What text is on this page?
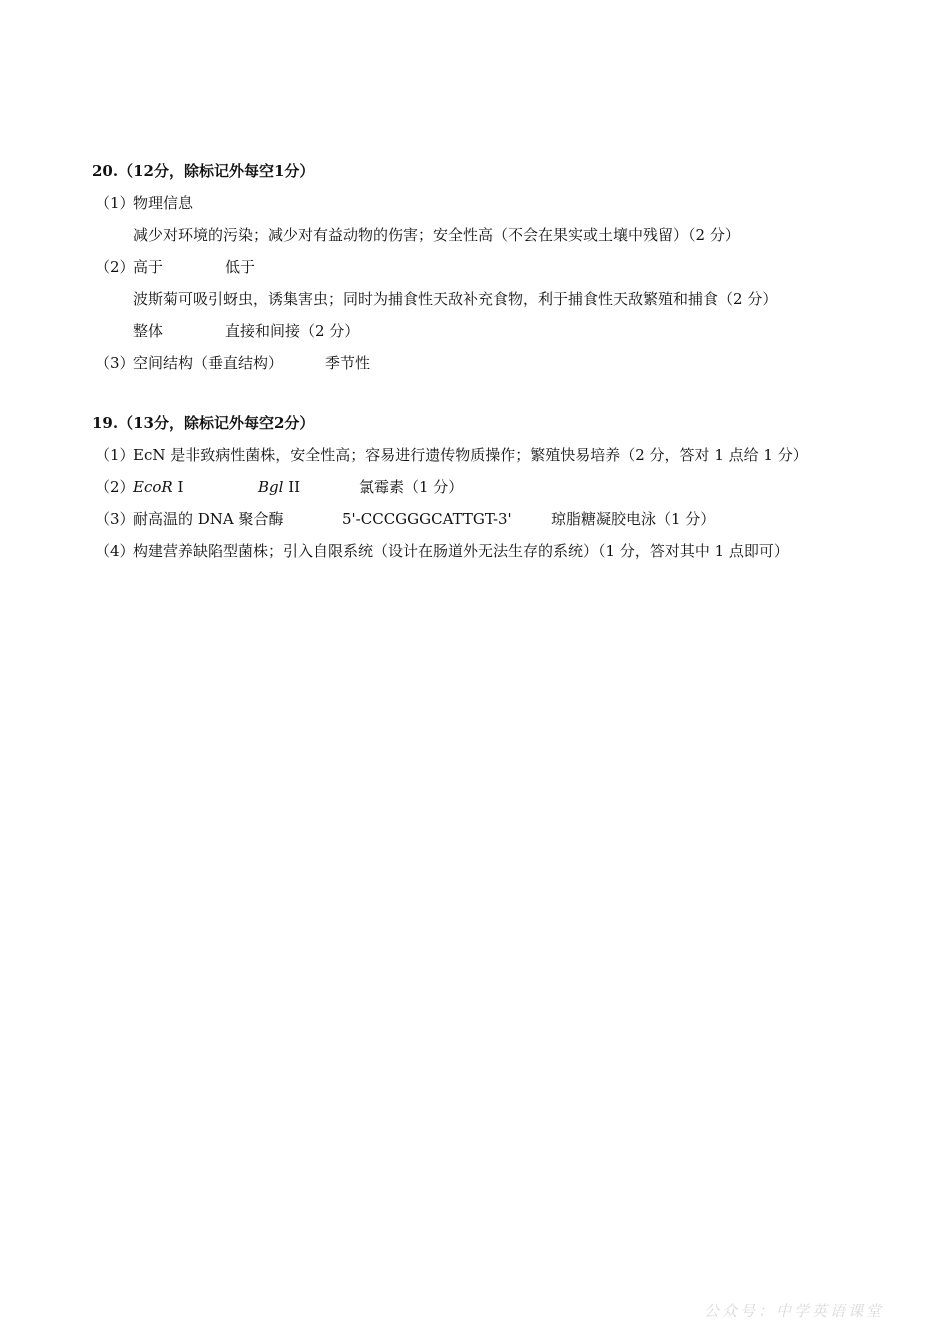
20.（12分，除标记外每空1分）
（1）
物理信息
减少对环境的污染；减少对有益动物的伤害；安全性高（不会在果实或土壤中残留）（2 分）
（2）
高于	低于
波斯菊可吸引蚜虫，诱集害虫；同时为捕食性天敌补充食物，利于捕食性天敌繁殖和捕食（2 分）
整体	直接和间接（2 分）
（3）
空间结构（垂直结构）	季节性
19.（13分，除标记外每空2分）
（1）
EcN 是非致病性菌株，安全性高；容易进行遗传物质操作；繁殖快易培养（2 分，答对 1 点给 1 分）
（2）
EcoR I	Bgl II	氯霉素（1 分）
（3）
耐高温的 DNA 聚合酶	5'-CCCGGGCATTGT-3'	琼脂糖凝胶电泳（1 分）
（4）
构建营养缺陷型菌株；引入自限系统（设计在肠道外无法生存的系统）（1 分，答对其中 1 点即可）
公众号：中学英语课堂
